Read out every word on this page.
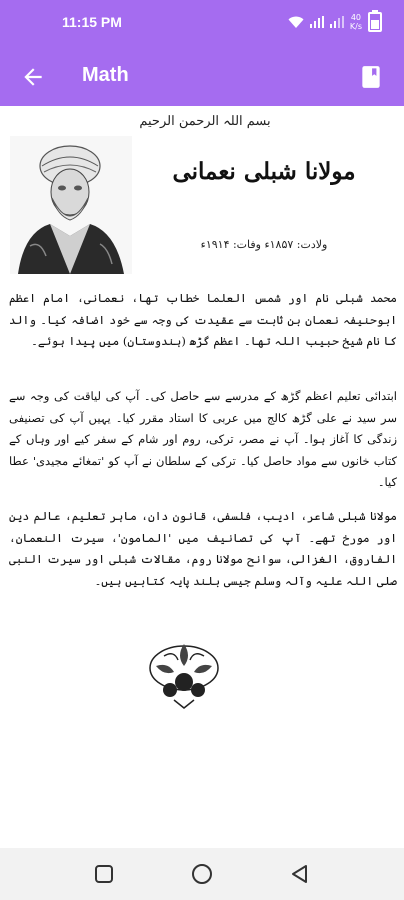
11:15 PM	40
K/s
Math
بسم اللہ الرحمن الرحیم
مولانا شبلی نعمانی
ولادت: ۱۸۵۷ء وفات: ۱۹۱۴ء
محمد شبلی نام اور شمس العلما خطاب تھا، نعمانی، امام اعظم ابوحنیفہ نعمان بن ثابت سے عقیدت کی وجہ سے خود اضافہ کیا۔ والد کا نام شیخ حبیب اللہ تھا۔ اعظم گڑھ (ہندوستان) میں پیدا ہوئے۔
ابتدائی تعلیم اعظم گڑھ کے مدرسے سے حاصل کی۔ آپ کی لیاقت کی وجہ سے سر سید نے علی گڑھ کالج میں عربی کا استاد مقرر کیا۔ یہیں آپ کی تصنیفی زندگی کا آغاز ہوا۔ آپ نے مصر، ترکی، روم اور شام کے سفر کیے اور وہاں کے کتاب خانوں سے مواد حاصل کیا۔ ترکی کے سلطان نے آپ کو 'تمغائے مجیدی' عطا کیا۔
مولانا شبلی شاعر، ادیب، فلسفی، قانون دان، ماہر تعلیم، عالم دین اور مورخ تھے۔ آپ کی تصانیف میں 'المامون'، سیرت النعمان، الفاروق، الغزالی، سوانح مولانا روم، مقالات شبلی اور سیرت النبی صلی اللہ علیہ وآلہ وسلم جیسی بلند پایہ کتابیں ہیں۔
